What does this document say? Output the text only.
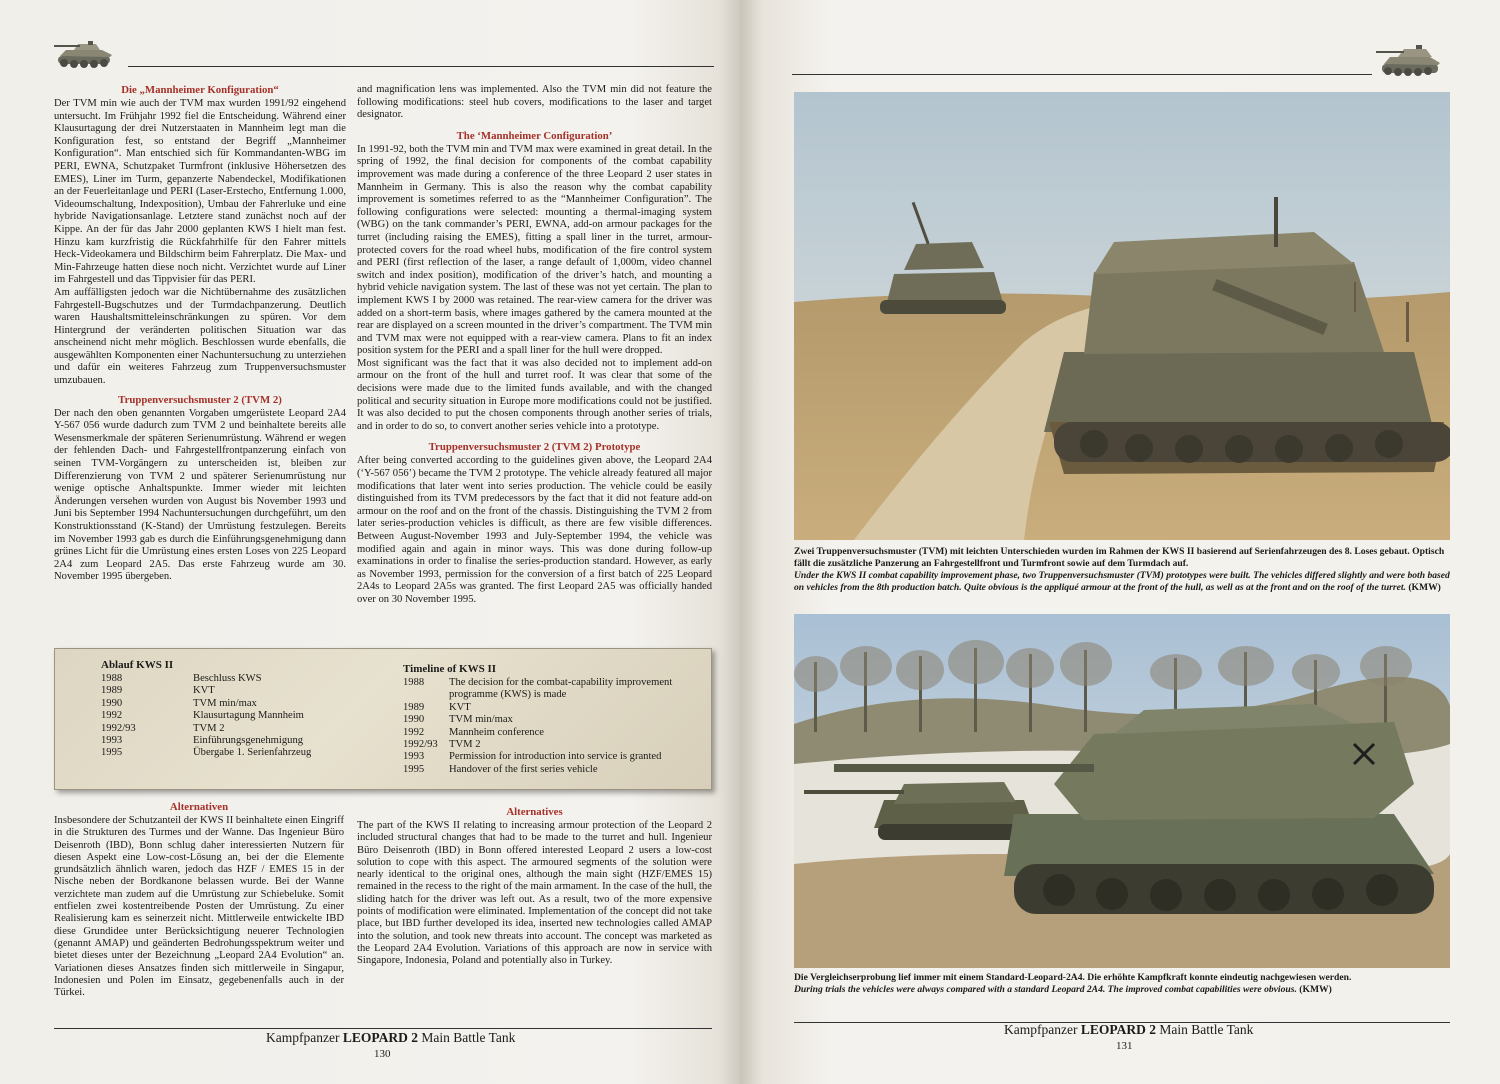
Die „Mannheimer Konfiguration“

Der TVM min wie auch der TVM max wurden 1991/92 eingehend untersucht. Im Frühjahr 1992 fiel die Entscheidung. Während einer Klausurtagung der drei Nutzerstaaten in Mannheim legt man die Konfiguration fest, so entstand der Begriff „Mannheimer Konfiguration“. Man entschied sich für Kommandanten-WBG im PERI, EWNA, Schutzpaket Turmfront (inklusive Höhersetzen des EMES), Liner im Turm, gepanzerte Nabendeckel, Modifikationen an der Feuerleitanlage und PERI (Laser-Erstecho, Entfernung 1.000, Videoumschaltung, Indexposition), Umbau der Fahrerluke und eine hybride Navigationsanlage. Letztere stand zunächst noch auf der Kippe. An der für das Jahr 2000 geplanten KWS I hielt man fest. Hinzu kam kurzfristig die Rückfahrhilfe für den Fahrer mittels Heck-Videokamera und Bildschirm beim Fahrerplatz. Die Max- und Min-Fahrzeuge hatten diese noch nicht. Verzichtet wurde auf Liner im Fahrgestell und das Tippvisier für das PERI.

Am auffälligsten jedoch war die Nichtübernahme des zusätzlichen Fahrgestell-Bugschutzes und der Turmdachpanzerung. Deutlich waren Haushaltsmitteleinschränkungen zu spüren. Vor dem Hintergrund der veränderten politischen Situation war das anscheinend nicht mehr möglich. Beschlossen wurde ebenfalls, die ausgewählten Komponenten einer Nachuntersuchung zu unterziehen und dafür ein weiteres Fahrzeug zum Truppenversuchsmuster umzubauen.

Truppenversuchsmuster 2 (TVM 2)

Der nach den oben genannten Vorgaben umgerüstete Leopard 2A4 Y-567 056 wurde dadurch zum TVM 2 und beinhaltete bereits alle Wesensmerkmale der späteren Serienumrüstung. Während er wegen der fehlenden Dach- und Fahrgestellfrontpanzerung einfach von seinen TVM-Vorgängern zu unterscheiden ist, bleiben zur Differenzierung von TVM 2 und späterer Serienumrüstung nur wenige optische Anhaltspunkte. Immer wieder mit leichten Änderungen versehen wurden von August bis November 1993 und Juni bis September 1994 Nachuntersuchungen durchgeführt, um den Konstruktionsstand (K-Stand) der Umrüstung festzulegen. Bereits im November 1993 gab es durch die Einführungsgenehmigung dann grünes Licht für die Umrüstung eines ersten Loses von 225 Leopard 2A4 zum Leopard 2A5. Das erste Fahrzeug wurde am 30. November 1995 übergeben.

and magnification lens was implemented. Also the TVM min did not feature the following modifications: steel hub covers, modifications to the laser and target designator.

The ‘Mannheimer Configuration’

In 1991-92, both the TVM min and TVM max were examined in great detail. In the spring of 1992, the final decision for components of the combat capability improvement was made during a conference of the three Leopard 2 user states in Mannheim in Germany. This is also the reason why the combat capability improvement is sometimes referred to as the “Mannheimer Configuration”. The following configurations were selected: mounting a thermal-imaging system (WBG) on the tank commander’s PERI, EWNA, add-on armour packages for the turret (including raising the EMES), fitting a spall liner in the turret, armour-protected covers for the road wheel hubs, modification of the fire control system and PERI (first reflection of the laser, a range default of 1,000m, video channel switch and index position), modification of the driver’s hatch, and mounting a hybrid vehicle navigation system. The last of these was not yet certain. The plan to implement KWS I by 2000 was retained. The rear-view camera for the driver was added on a short-term basis, where images gathered by the camera mounted at the rear are displayed on a screen mounted in the driver’s compartment. The TVM min and TVM max were not equipped with a rear-view camera. Plans to fit an index position system for the PERI and a spall liner for the hull were dropped.

Most significant was the fact that it was also decided not to implement add-on armour on the front of the hull and turret roof. It was clear that some of the decisions were made due to the limited funds available, and with the changed political and security situation in Europe more modifications could not be justified. It was also decided to put the chosen components through another series of trials, and in order to do so, to convert another series vehicle into a prototype.

Truppenversuchsmuster 2 (TVM 2) Prototype

After being converted according to the guidelines given above, the Leopard 2A4 (‘Y-567 056’) became the TVM 2 prototype. The vehicle already featured all major modifications that later went into series production. The vehicle could be easily distinguished from its TVM predecessors by the fact that it did not feature add-on armour on the roof and on the front of the chassis. Distinguishing the TVM 2 from later series-production vehicles is difficult, as there are few visible differences. Between August-November 1993 and July-September 1994, the vehicle was modified again and again in minor ways. This was done during follow-up examinations in order to finalise the series-production standard. However, as early as November 1993, permission for the conversion of a first batch of 225 Leopard 2A4s to Leopard 2A5s was granted. The first Leopard 2A5 was officially handed over on 30 November 1995.

Ablauf KWS II
1988	Beschluss KWS
1989	KVT
1990	TVM min/max
1992	Klausurtagung Mannheim
1992/93	TVM 2
1993	Einführungsgenehmigung
1995	Übergabe 1. Serienfahrzeug
Timeline of KWS II
1988	The decision for the combat-capability improvement programme (KWS) is made
1989	KVT
1990	TVM min/max
1992	Mannheim conference
1992/93	TVM 2
1993	Permission for introduction into service is granted
1995	Handover of the first series vehicle
Alternativen

Insbesondere der Schutzanteil der KWS II beinhaltete einen Eingriff in die Strukturen des Turmes und der Wanne. Das Ingenieur Büro Deisenroth (IBD), Bonn schlug daher interessierten Nutzern für diesen Aspekt eine Low-cost-Lösung an, bei der die Elemente grundsätzlich ähnlich waren, jedoch das HZF / EMES 15 in der Nische neben der Bordkanone belassen wurde. Bei der Wanne verzichtete man zudem auf die Umrüstung zur Schiebeluke. Somit entfielen zwei kostentreibende Posten der Umrüstung. Zu einer Realisierung kam es seinerzeit nicht. Mittlerweile entwickelte IBD diese Grundidee unter Berücksichtigung neuerer Technologien (genannt AMAP) und geänderten Bedrohungsspektrum weiter und bietet dieses unter der Bezeichnung „Leopard 2A4 Evolution“ an. Variationen dieses Ansatzes finden sich mittlerweile in Singapur, Indonesien und Polen im Einsatz, gegebenenfalls auch in der Türkei.

Alternatives

The part of the KWS II relating to increasing armour protection of the Leopard 2 included structural changes that had to be made to the turret and hull. Ingenieur Büro Deisenroth (IBD) in Bonn offered interested Leopard 2 users a low-cost solution to cope with this aspect. The armoured segments of the solution were nearly identical to the original ones, although the main sight (HZF/EMES 15) remained in the recess to the right of the main armament. In the case of the hull, the sliding hatch for the driver was left out. As a result, two of the more expensive points of modification were eliminated. Implementation of the concept did not take place, but IBD further developed its idea, inserted new technologies called AMAP into the solution, and took new threats into account. The concept was marketed as the Leopard 2A4 Evolution. Variations of this approach are now in service with Singapore, Indonesia, Poland and potentially also in Turkey.

Kampfpanzer LEOPARD 2 Main Battle Tank
130
Zwei Truppenversuchsmuster (TVM) mit leichten Unterschieden wurden im Rahmen der KWS II basierend auf Serienfahrzeugen des 8. Loses gebaut. Optisch fällt die zusätzliche Panzerung an Fahrgestellfront und Turmfront sowie auf dem Turmdach auf.
Under the KWS II combat capability improvement phase, two Truppenversuchsmuster (TVM) prototypes were built. The vehicles differed slightly and were both based on vehicles from the 8th production batch. Quite obvious is the appliqué armour at the front of the hull, as well as at the front and on the roof of the turret. (KMW)
Die Vergleichserprobung lief immer mit einem Standard-Leopard-2A4. Die erhöhte Kampfkraft konnte eindeutig nachgewiesen werden.
During trials the vehicles were always compared with a standard Leopard 2A4. The improved combat capabilities were obvious. (KMW)
Kampfpanzer LEOPARD 2 Main Battle Tank
131
